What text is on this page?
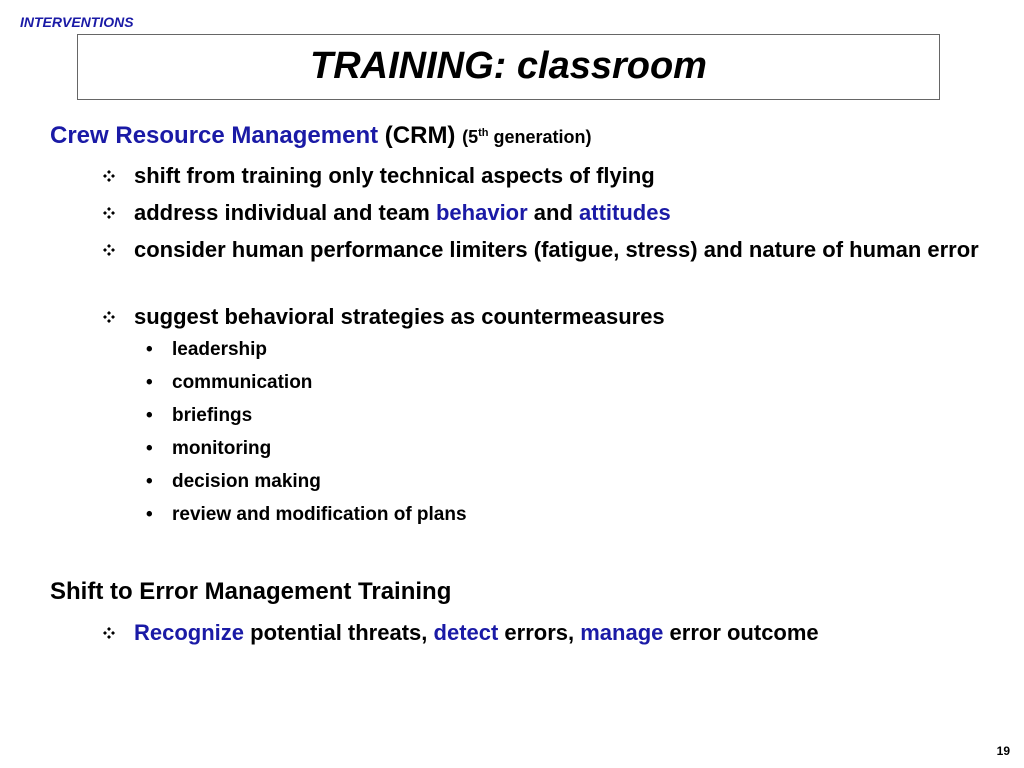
INTERVENTIONS
TRAINING: classroom
Crew Resource Management (CRM) (5th generation)
shift from training only technical aspects of flying
address individual and team behavior and attitudes
consider human performance limiters (fatigue, stress) and nature of human error
suggest behavioral strategies as countermeasures
• leadership
• communication
• briefings
• monitoring
• decision making
• review and modification of plans
Shift to Error Management Training
Recognize potential threats, detect errors, manage error outcome
19
